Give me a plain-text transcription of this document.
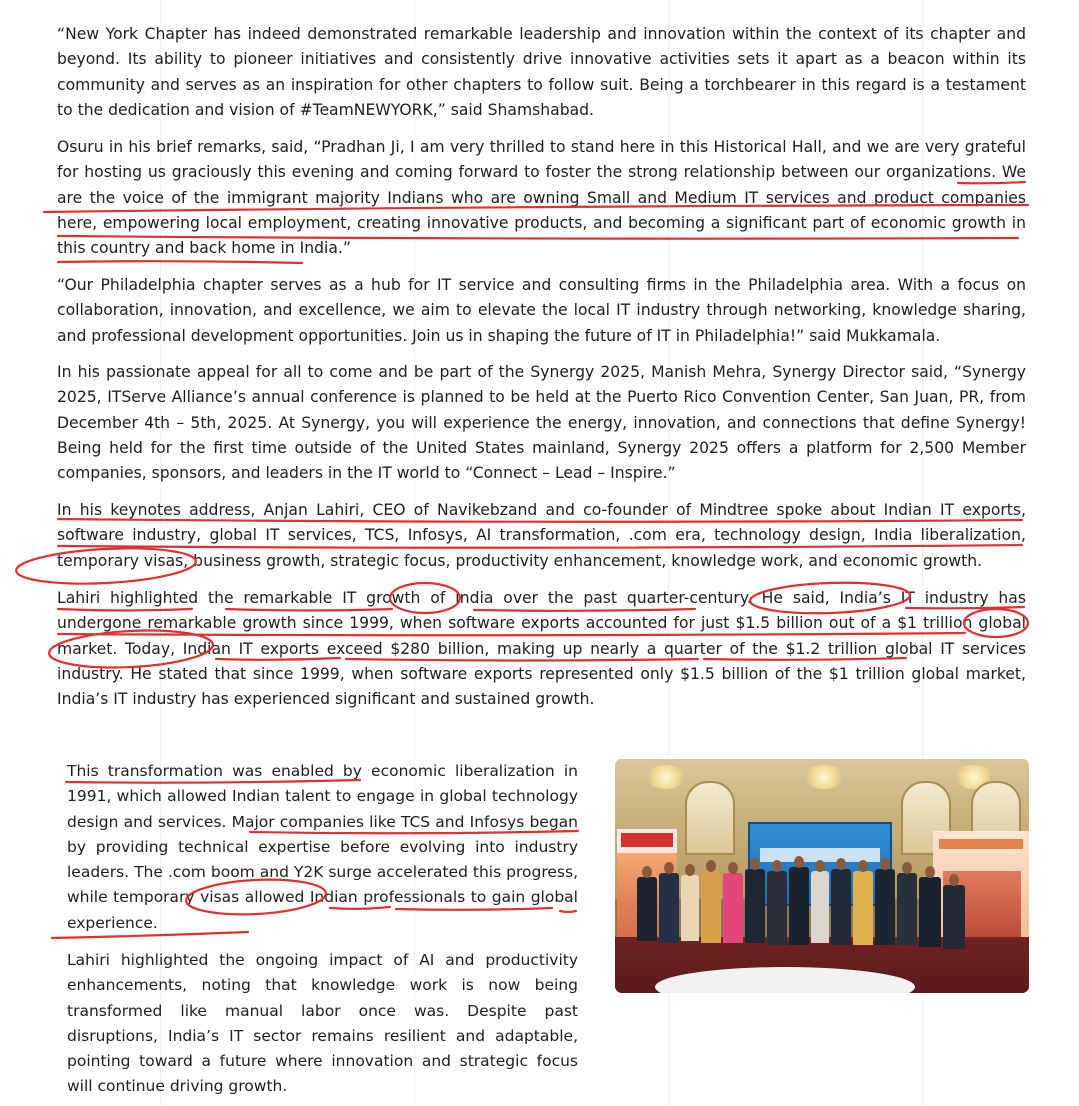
“New York Chapter has indeed demonstrated remarkable leadership and innovation within the context of its chapter and beyond. Its ability to pioneer initiatives and consistently drive innovative activities sets it apart as a beacon within its community and serves as an inspiration for other chapters to follow suit. Being a torchbearer in this regard is a testament to the dedication and vision of #TeamNEWYORK,” said Shamshabad.

Osuru in his brief remarks, said, “Pradhan Ji, I am very thrilled to stand here in this Historical Hall, and we are very grateful for hosting us graciously this evening and coming forward to foster the strong relationship between our organizations. We are the voice of the immigrant majority Indians who are owning Small and Medium IT services and product companies here, empowering local employment, creating innovative products, and becoming a significant part of economic growth in this country and back home in India.”

“Our Philadelphia chapter serves as a hub for IT service and consulting firms in the Philadelphia area. With a focus on collaboration, innovation, and excellence, we aim to elevate the local IT industry through networking, knowledge sharing, and professional development opportunities. Join us in shaping the future of IT in Philadelphia!” said Mukkamala.

In his passionate appeal for all to come and be part of the Synergy 2025, Manish Mehra, Synergy Director said, “Synergy 2025, ITServe Alliance’s annual conference is planned to be held at the Puerto Rico Convention Center, San Juan, PR, from December 4th – 5th, 2025. At Synergy, you will experience the energy, innovation, and connections that define Synergy! Being held for the first time outside of the United States mainland, Synergy 2025 offers a platform for 2,500 Member companies, sponsors, and leaders in the IT world to “Connect – Lead – Inspire.”

In his keynotes address, Anjan Lahiri, CEO of Navikebzand and co-founder of Mindtree spoke about Indian IT exports, software industry, global IT services, TCS, Infosys, AI transformation, .com era, technology design, India liberalization, temporary visas, business growth, strategic focus, productivity enhancement, knowledge work, and economic growth.

Lahiri highlighted the remarkable IT growth of India over the past quarter-century. He said, India’s IT industry has undergone remarkable growth since 1999, when software exports accounted for just $1.5 billion out of a $1 trillion global market. Today, Indian IT exports exceed $280 billion, making up nearly a quarter of the $1.2 trillion global IT services industry. He stated that since 1999, when software exports represented only $1.5 billion of the $1 trillion global market, India’s IT industry has experienced significant and sustained growth.

This transformation was enabled by economic liberalization in 1991, which allowed Indian talent to engage in global technology design and services. Major companies like TCS and Infosys began by providing technical expertise before evolving into industry leaders. The .com boom and Y2K surge accelerated this progress, while temporary visas allowed Indian professionals to gain global experience.

Lahiri highlighted the ongoing impact of AI and productivity enhancements, noting that knowledge work is now being transformed like manual labor once was. Despite past disruptions, India’s IT sector remains resilient and adaptable, pointing toward a future where innovation and strategic focus will continue driving growth.
